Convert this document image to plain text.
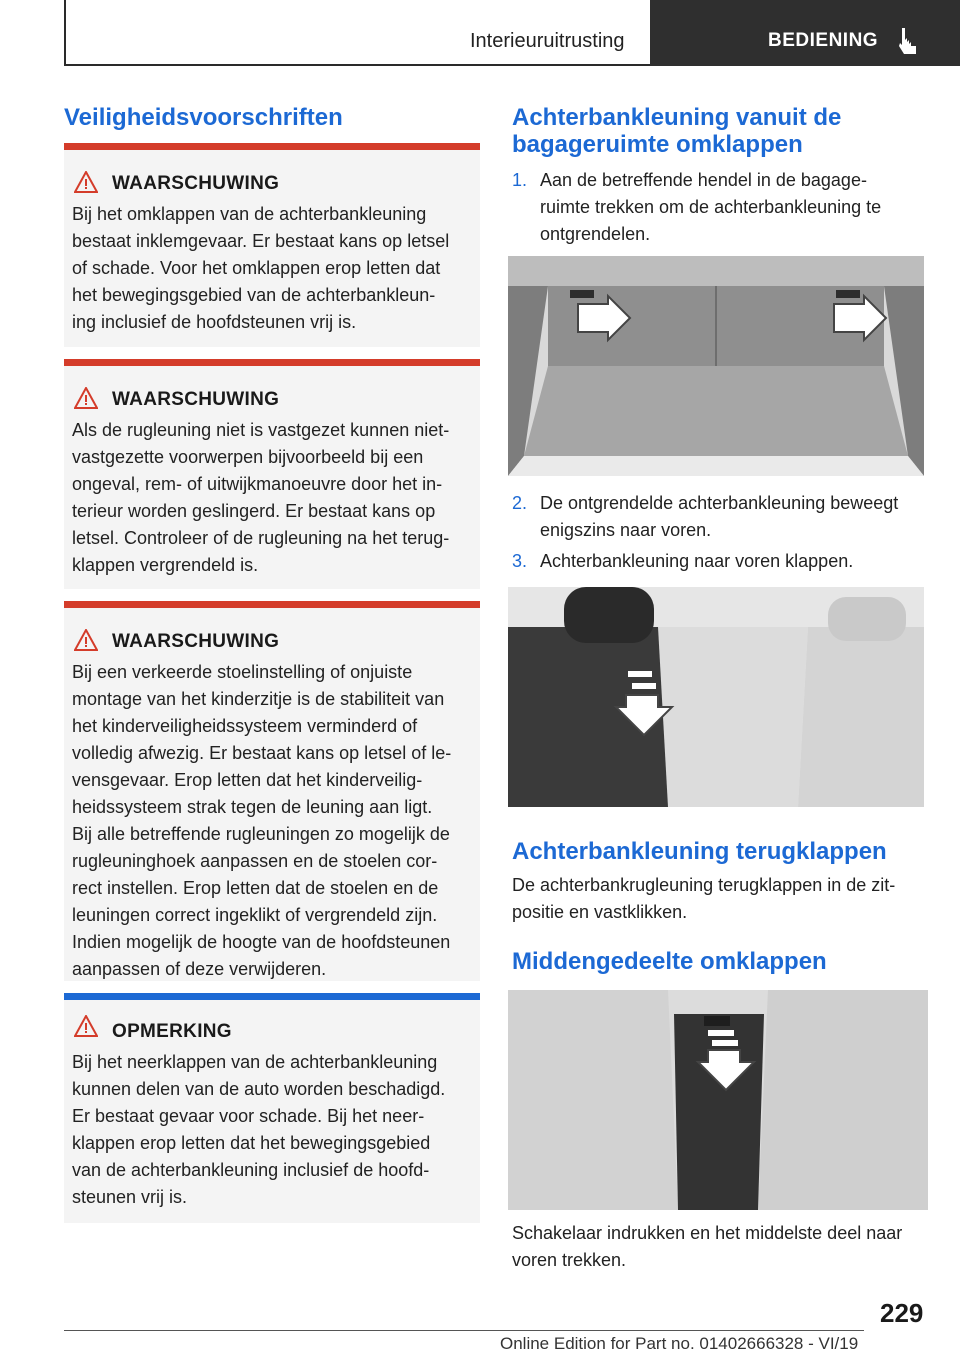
Interieuruitrusting	BEDIENING
Veiligheidsvoorschriften
WAARSCHUWING
Bij het omklappen van de achterbankleuning
bestaat inklemgevaar. Er bestaat kans op letsel
of schade. Voor het omklappen erop letten dat
het bewegingsgebied van de achterbankleun-
ing inclusief de hoofdsteunen vrij is.
WAARSCHUWING
Als de rugleuning niet is vastgezet kunnen niet-
vastgezette voorwerpen bijvoorbeeld bij een
ongeval, rem- of uitwijkmanoeuvre door het in-
terieur worden geslingerd. Er bestaat kans op
letsel. Controleer of de rugleuning na het terug-
klappen vergrendeld is.
WAARSCHUWING
Bij een verkeerde stoelinstelling of onjuiste
montage van het kinderzitje is de stabiliteit van
het kinderveiligheidssysteem verminderd of
volledig afwezig. Er bestaat kans op letsel of le-
vensgevaar. Erop letten dat het kinderveilig-
heidssysteem strak tegen de leuning aan ligt.
Bij alle betreffende rugleuningen zo mogelijk de
rugleuninghoek aanpassen en de stoelen cor-
rect instellen. Erop letten dat de stoelen en de
leuningen correct ingeklikt of vergrendeld zijn.
Indien mogelijk de hoogte van de hoofdsteunen
aanpassen of deze verwijderen.
OPMERKING
Bij het neerklappen van de achterbankleuning
kunnen delen van de auto worden beschadigd.
Er bestaat gevaar voor schade. Bij het neer-
klappen erop letten dat het bewegingsgebied
van de achterbankleuning inclusief de hoofd-
steunen vrij is.
Achterbankleuning vanuit de
bagageruimte omklappen
1. Aan de betreffende hendel in de bagage-
ruimte trekken om de achterbankleuning te
ontgrendelen.
2. De ontgrendelde achterbankleuning beweegt
enigszins naar voren.
3. Achterbankleuning naar voren klappen.
Achterbankleuning terugklappen
De achterbankrugleuning terugklappen in de zit-
positie en vastklikken.
Middengedeelte omklappen
Schakelaar indrukken en het middelste deel naar
voren trekken.
229
Online Edition for Part no. 01402666328 - VI/19
